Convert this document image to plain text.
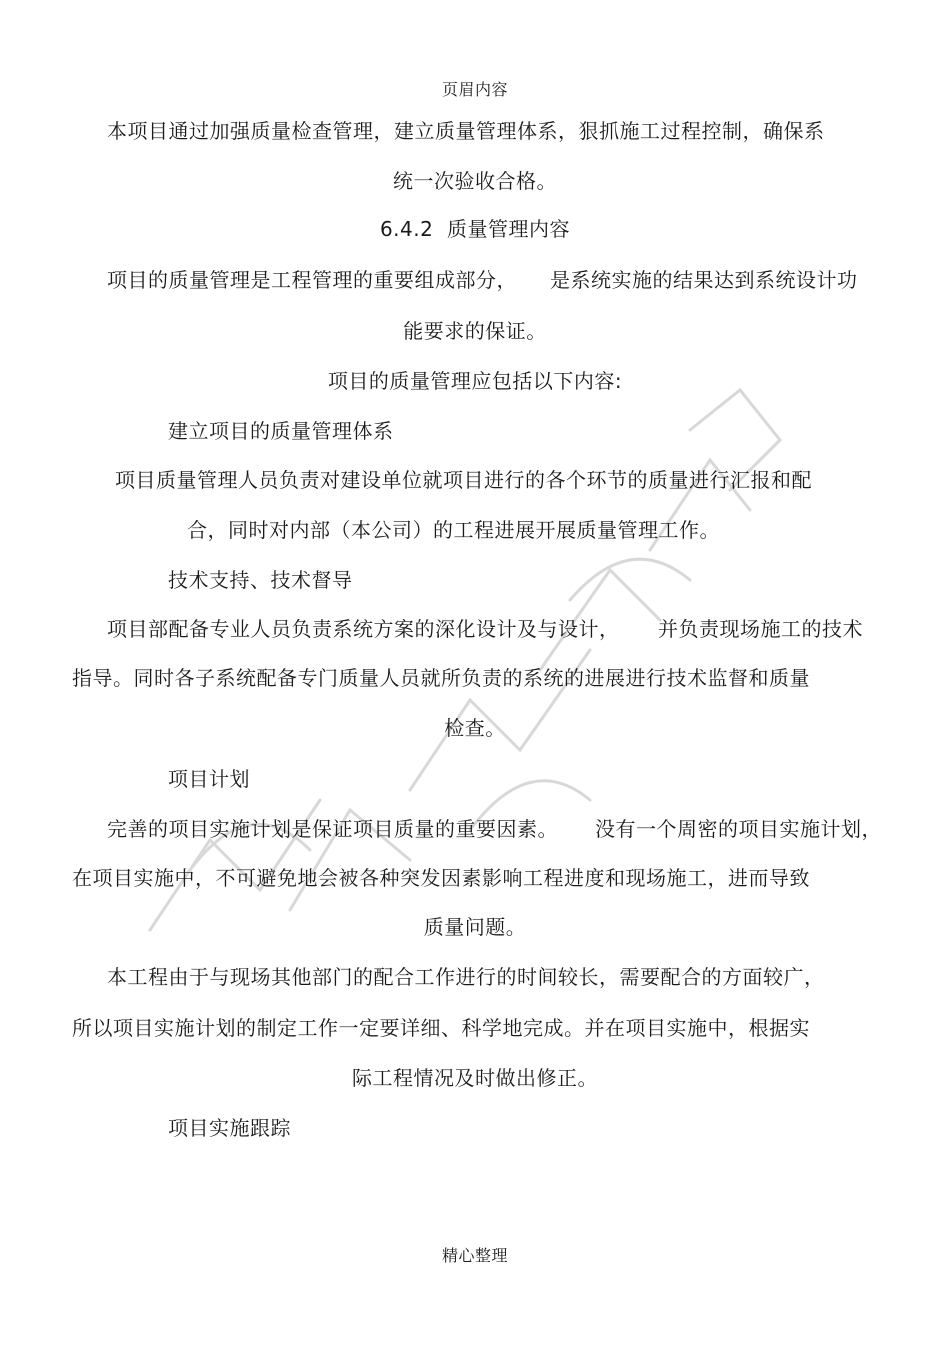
页眉内容
本项目通过加强质量检查管理，建立质量管理体系，狠抓施工过程控制，确保系
统一次验收合格。
6.4.2 质量管理内容
项目的质量管理是工程管理的重要组成部分， 是系统实施的结果达到系统设计功
能要求的保证。
项目的质量管理应包括以下内容:
建立项目的质量管理体系
项目质量管理人员负责对建设单位就项目进行的各个环节的质量进行汇报和配
合，同时对内部（本公司）的工程进展开展质量管理工作。
技术支持、技术督导
项目部配备专业人员负责系统方案的深化设计及与设计， 并负责现场施工的技术
指导。同时各子系统配备专门质量人员就所负责的系统的进展进行技术监督和质量
检查。
项目计划
完善的项目实施计划是保证项目质量的重要因素。 没有一个周密的项目实施计划，
在项目实施中，不可避免地会被各种突发因素影响工程进度和现场施工，进而导致
质量问题。
本工程由于与现场其他部门的配合工作进行的时间较长，需要配合的方面较广，
所以项目实施计划的制定工作一定要详细、科学地完成。并在项目实施中，根据实
际工程情况及时做出修正。
项目实施跟踪
精心整理
